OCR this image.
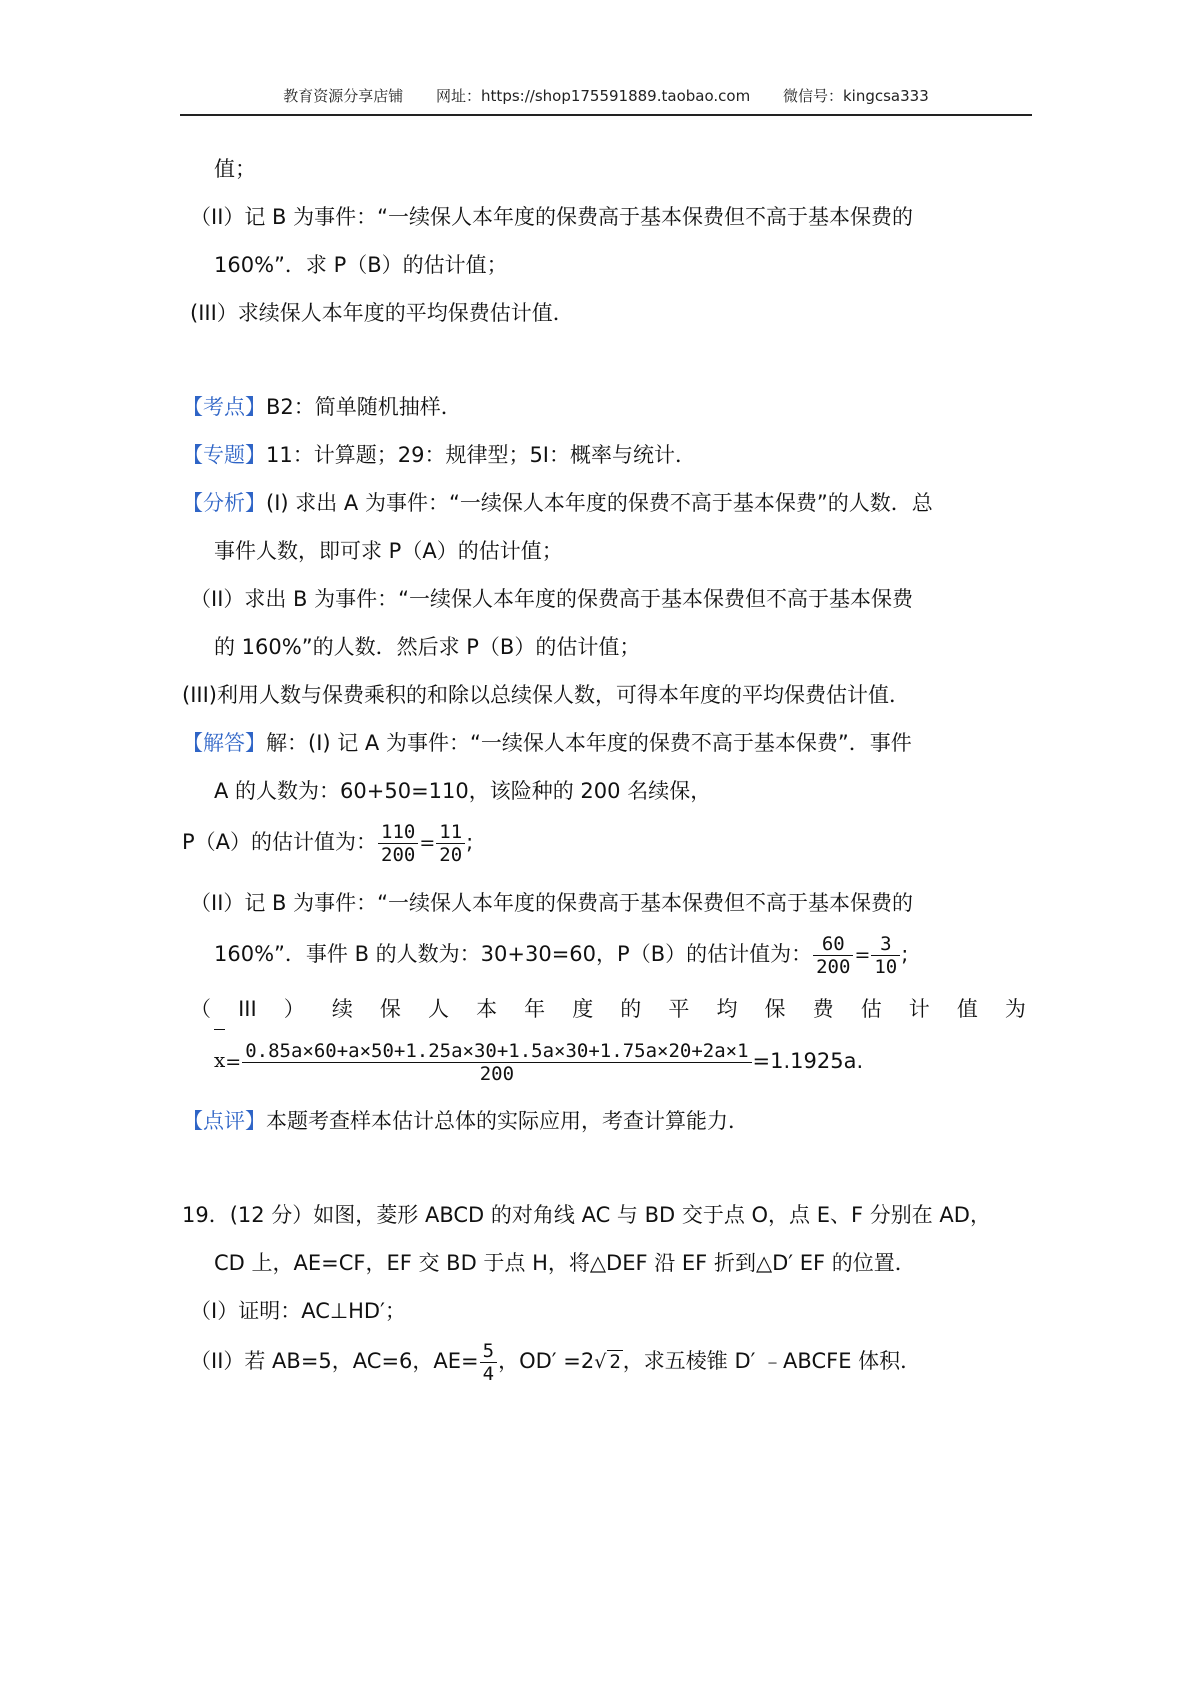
教育资源分享店铺 网址：https://shop175591889.taobao.com 微信号：kingcsa333
值；
（II）记 B 为事件：“一续保人本年度的保费高于基本保费但不高于基本保费的
160%”．求 P（B）的估计值；
(III）求续保人本年度的平均保费估计值．
【考点】B2：简单随机抽样．
【专题】11：计算题；29：规律型；5I：概率与统计．
【分析】(I) 求出 A 为事件：“一续保人本年度的保费不高于基本保费”的人数．总
事件人数，即可求 P（A）的估计值；
（II）求出 B 为事件：“一续保人本年度的保费高于基本保费但不高于基本保费
的 160%”的人数．然后求 P（B）的估计值；
(III)利用人数与保费乘积的和除以总续保人数，可得本年度的平均保费估计值．
【解答】解：(I) 记 A 为事件：“一续保人本年度的保费不高于基本保费”．事件
A 的人数为：60+50=110，该险种的 200 名续保，
P（A）的估计值为： $\frac{110}{200} = \frac{11}{20}$ ;
（II）记 B 为事件：“一续保人本年度的保费高于基本保费但不高于基本保费的
160%”．事件 B 的人数为：30+30=60，P（B）的估计值为： $\frac{60}{200} = \frac{3}{10}$ ;
（ III ） 续 保 人 本 年 度 的 平 均 保 费 估 计 值 为
$x= \frac{0.85a\times 60+a\times 50+1.25a\times 30+1.5a\times 30+1.75a\times 20+2a\times 1}{200} =1.1925a$.
【点评】本题考查样本估计总体的实际应用，考查计算能力．
19．(12 分）如图，菱形 ABCD 的对角线 AC 与 BD 交于点 O，点 E、F 分别在 AD，
CD 上，AE=CF，EF 交 BD 于点 H，将△DEF 沿 EF 折到△D′ EF 的位置．
（I）证明：AC⊥HD′；
（II）若 AB=5，AC=6，$AE= \frac{5}{4}$ ，OD′ =2√ 2，求五棱锥 D′ ﹣ABCFE 体积．
